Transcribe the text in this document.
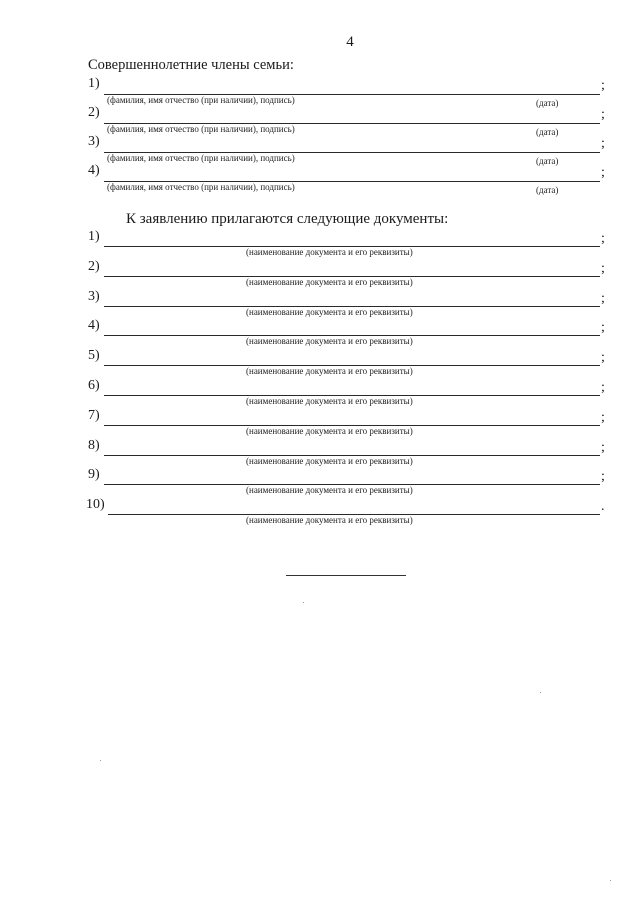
4
Совершеннолетние члены семьи:
1)	;
(фамилия, имя отчество (при наличии), подпись)	(дата)
2)	;
(фамилия, имя отчество (при наличии), подпись)	(дата)
3)	;
(фамилия, имя отчество (при наличии), подпись)	(дата)
4)	;
(фамилия, имя отчество (при наличии), подпись)	(дата)
К заявлению прилагаются следующие документы:
1)	;
(наименование документа и его реквизиты)
2)	;
(наименование документа и его реквизиты)
3)	;
(наименование документа и его реквизиты)
4)	;
(наименование документа и его реквизиты)
5)	;
(наименование документа и его реквизиты)
6)	;
(наименование документа и его реквизиты)
7)	;
(наименование документа и его реквизиты)
8)	;
(наименование документа и его реквизиты)
9)	;
(наименование документа и его реквизиты)
10)	.
(наименование документа и его реквизиты)
